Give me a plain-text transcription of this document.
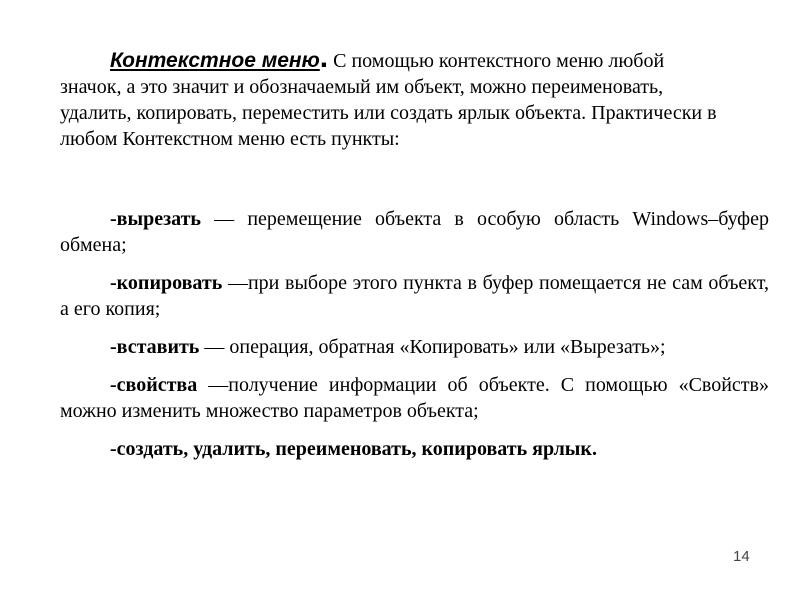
Контекстное меню. С помощью контекстного меню любой значок, а это значит и обозначаемый им объект, можно переименовать, удалить, копировать, переместить или создать ярлык объекта. Практически в любом Контекстном меню есть пункты:

-вырезать — перемещение объекта в особую область Windows–буфер обмена;

-копировать —при выборе этого пункта в буфер помещается не сам объект, а его копия;

-вставить — операция, обратная «Копировать» или «Вырезать»;

-свойства —получение информации об объекте. С помощью «Свойств» можно изменить множество параметров объекта;

-создать, удалить, переименовать, копировать ярлык.

14
